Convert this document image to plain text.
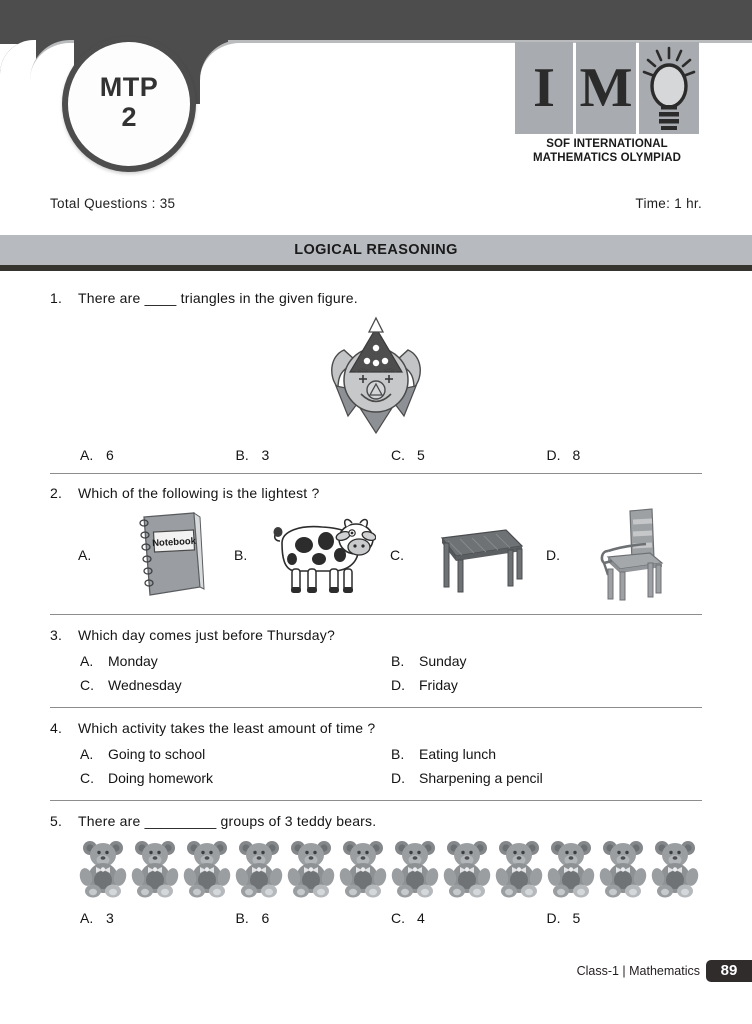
MTP
2	I M
SOF INTERNATIONAL
MATHEMATICS OLYMPIAD
Total Questions : 35	Time: 1 hr.
LOGICAL REASONING
1.	There are ____ triangles in the given figure.
A. 6	B. 3	C. 5	D. 8
2.	Which of the following is the lightest ?
A.
Notebook
B.	C.	D.
3.	Which day comes just before Thursday?
A.	Monday	B.	Sunday
C.	Wednesday	D.	Friday
4.	Which activity takes the least amount of time ?
A.	Going to school	B.	Eating lunch
C.	Doing homework	D.	Sharpening a pencil
5.	There are _________ groups of 3 teddy bears.
A. 3	B. 6	C. 4	D. 5
Class-1 | Mathematics	89
